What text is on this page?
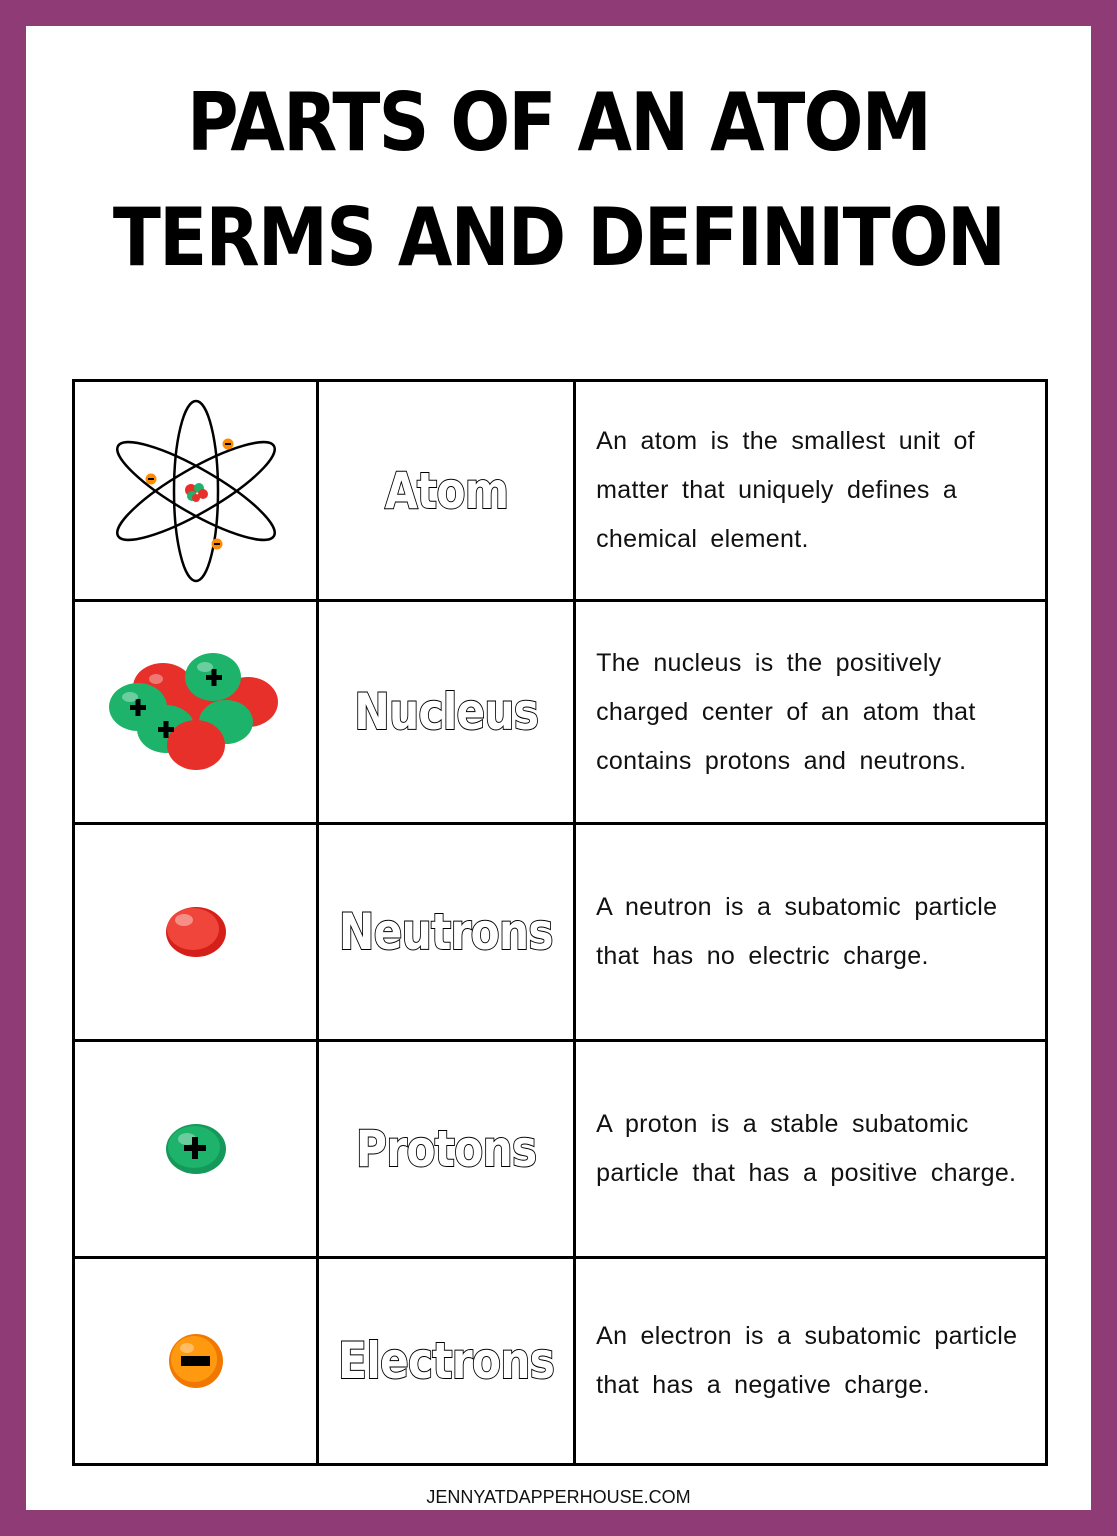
PARTS OF AN ATOM
TERMS AND DEFINITON
	Atom	An atom is the smallest unit of matter that uniquely defines a chemical element.

	Nucleus	The nucleus is the positively charged center of an atom that contains protons and neutrons.

	Neutrons	A neutron is a subatomic particle that has no electric charge.

	Protons	A proton is a stable subatomic particle that has a positive charge.

	Electrons	An electron is a subatomic particle that has a negative charge.
JENNYATDAPPERHOUSE.COM
